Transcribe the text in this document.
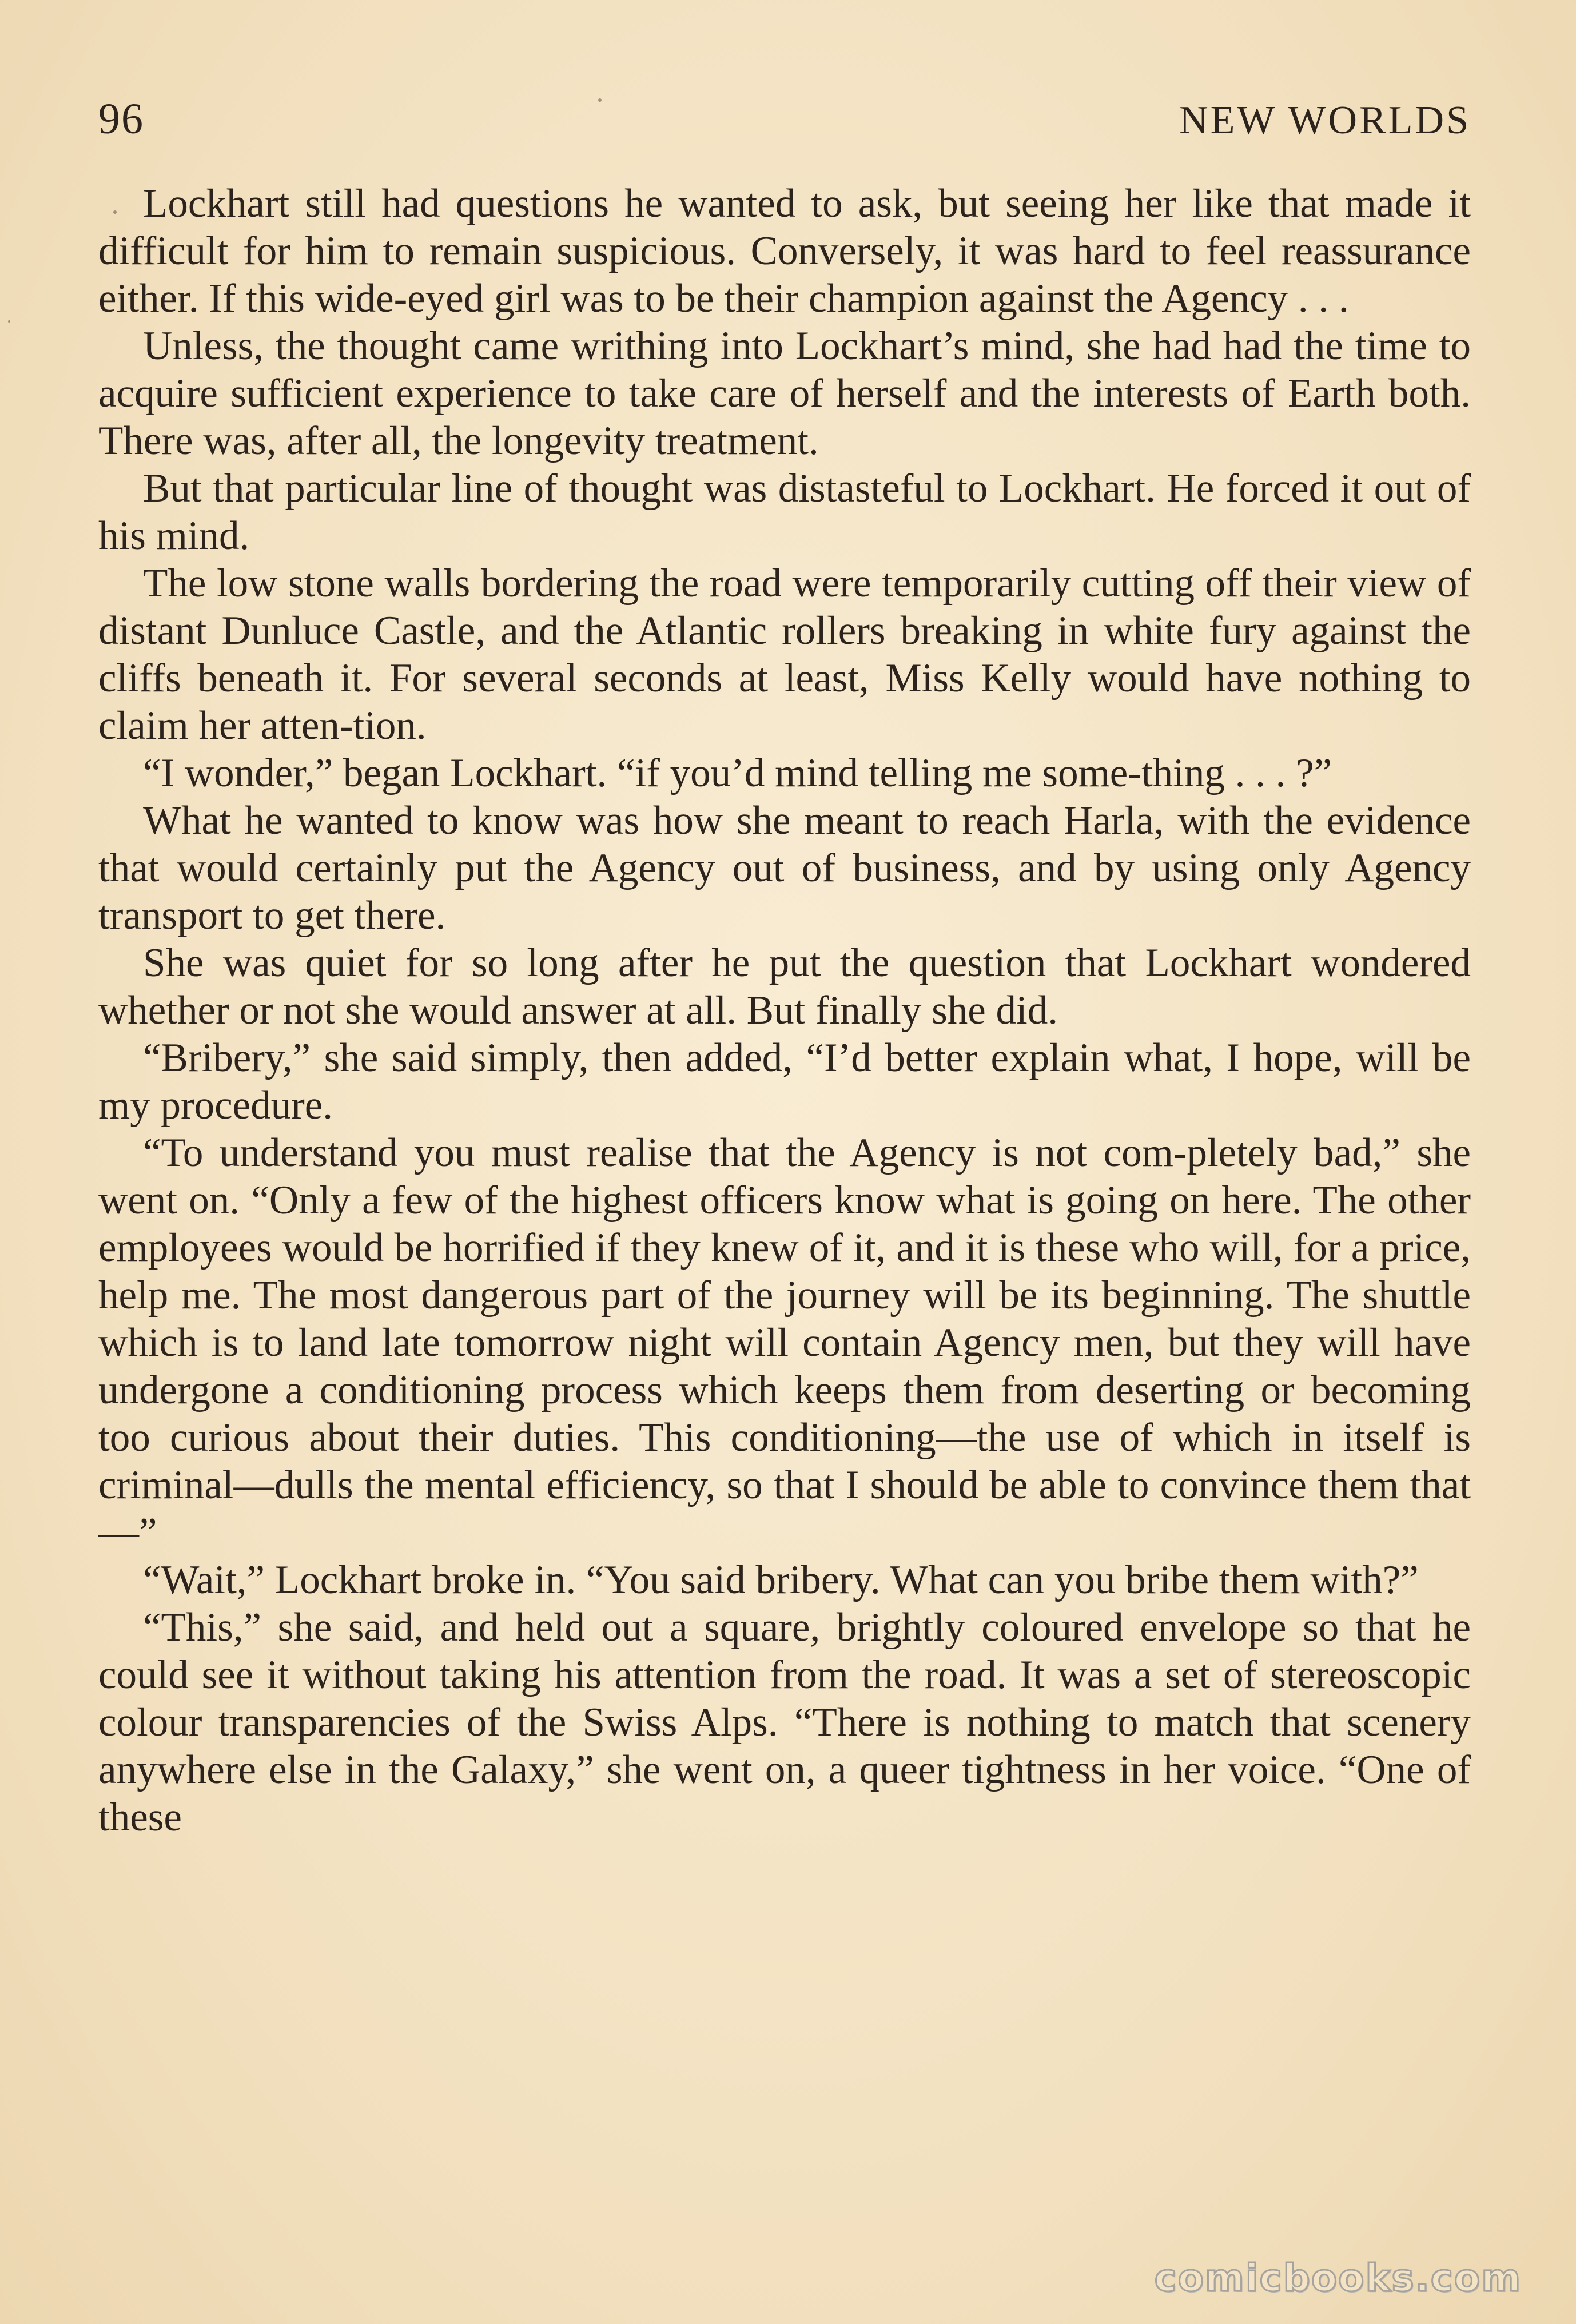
96	NEW WORLDS

Lockhart still had questions he wanted to ask, but seeing her like that made it difficult for him to remain suspicious. Conversely, it was hard to feel reassurance either. If this wide-eyed girl was to be their champion against the Agency . . .

Unless, the thought came writhing into Lockhart’s mind, she had had the time to acquire sufficient experience to take care of herself and the interests of Earth both. There was, after all, the longevity treatment.

But that particular line of thought was distasteful to Lockhart. He forced it out of his mind.

The low stone walls bordering the road were temporarily cutting off their view of distant Dunluce Castle, and the Atlantic rollers breaking in white fury against the cliffs beneath it. For several seconds at least, Miss Kelly would have nothing to claim her atten-tion.

“I wonder,” began Lockhart. “if you’d mind telling me some-thing . . . ?”

What he wanted to know was how she meant to reach Harla, with the evidence that would certainly put the Agency out of business, and by using only Agency transport to get there.

She was quiet for so long after he put the question that Lockhart wondered whether or not she would answer at all. But finally she did.

“Bribery,” she said simply, then added, “I’d better explain what, I hope, will be my procedure.

“To understand you must realise that the Agency is not com-pletely bad,” she went on. “Only a few of the highest officers know what is going on here. The other employees would be horrified if they knew of it, and it is these who will, for a price, help me. The most dangerous part of the journey will be its beginning. The shuttle which is to land late tomorrow night will contain Agency men, but they will have undergone a conditioning process which keeps them from deserting or becoming too curious about their duties. This conditioning—the use of which in itself is criminal—dulls the mental efficiency, so that I should be able to convince them that—”

“Wait,” Lockhart broke in. “You said bribery. What can you bribe them with?”

“This,” she said, and held out a square, brightly coloured envelope so that he could see it without taking his attention from the road. It was a set of stereoscopic colour transparencies of the Swiss Alps. “There is nothing to match that scenery anywhere else in the Galaxy,” she went on, a queer tightness in her voice. “One of these

comicbooks.com
